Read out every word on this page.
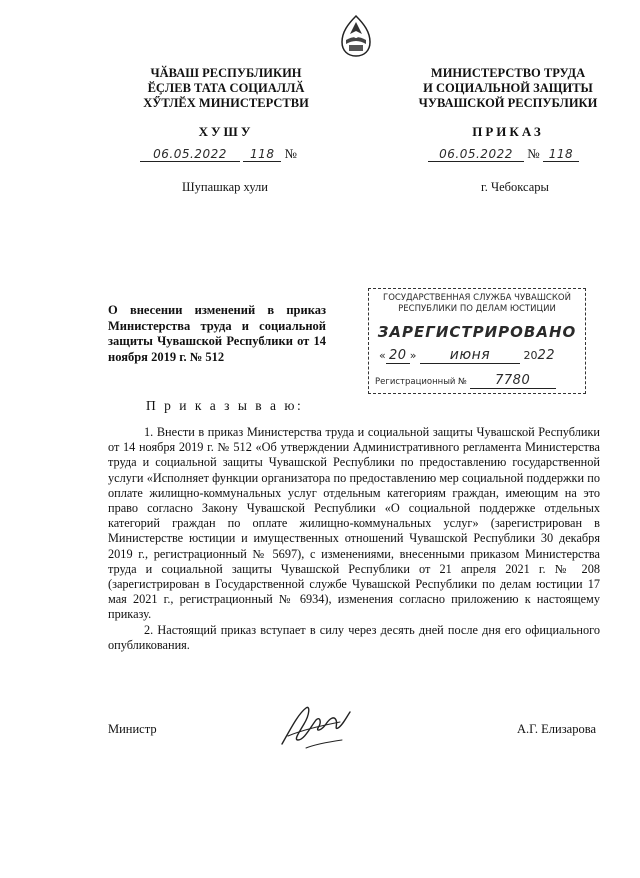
ЧӐВАШ РЕСПУБЛИКИН
ӖҪЛЕВ ТАТА СОЦИАЛЛӐ
ХӲТЛӖХ МИНИСТЕРСТВИ
МИНИСТЕРСТВО ТРУДА
И СОЦИАЛЬНОЙ ЗАЩИТЫ
ЧУВАШСКОЙ РЕСПУБЛИКИ
ХУШУ	ПРИКАЗ
06.05.2022 118 №	06.05.2022 № 118
Шупашкар хули	г. Чебоксары
О внесении изменений в приказ Министерства труда и социальной защиты Чувашской Республики от 14 ноября 2019 г. № 512
ГОСУДАРСТВЕННАЯ СЛУЖБА ЧУВАШСКОЙ
РЕСПУБЛИКИ ПО ДЕЛАМ ЮСТИЦИИ
ЗАРЕГИСТРИРОВАНО
« 20 » июня	2022
Регистрационный № 7780
П р и к а з ы в а ю:

1. Внести в приказ Министерства труда и социальной защиты Чувашской Республики от 14 ноября 2019 г. № 512 «Об утверждении Административного регламента Министерства труда и социальной защиты Чувашской Республики по предоставлению государственной услуги «Исполняет функции организатора по предоставлению мер социальной поддержки по оплате жилищно-коммунальных услуг отдельным категориям граждан, имеющим на это право согласно Закону Чувашской Республики «О социальной поддержке отдельных категорий граждан по оплате жилищно-коммунальных услуг» (зарегистрирован в Министерстве юстиции и имущественных отношений Чувашской Республики 30 декабря 2019 г., регистрационный № 5697), с изменениями, внесенными приказом Министерства труда и социальной защиты Чувашской Республики от 21 апреля 2021 г. № 208 (зарегистрирован в Государственной службе Чувашской Республики по делам юстиции 17 мая 2021 г., регистрационный № 6934), изменения согласно приложению к настоящему приказу.

2. Настоящий приказ вступает в силу через десять дней после дня его официального опубликования.

Министр	А.Г. Елизарова
